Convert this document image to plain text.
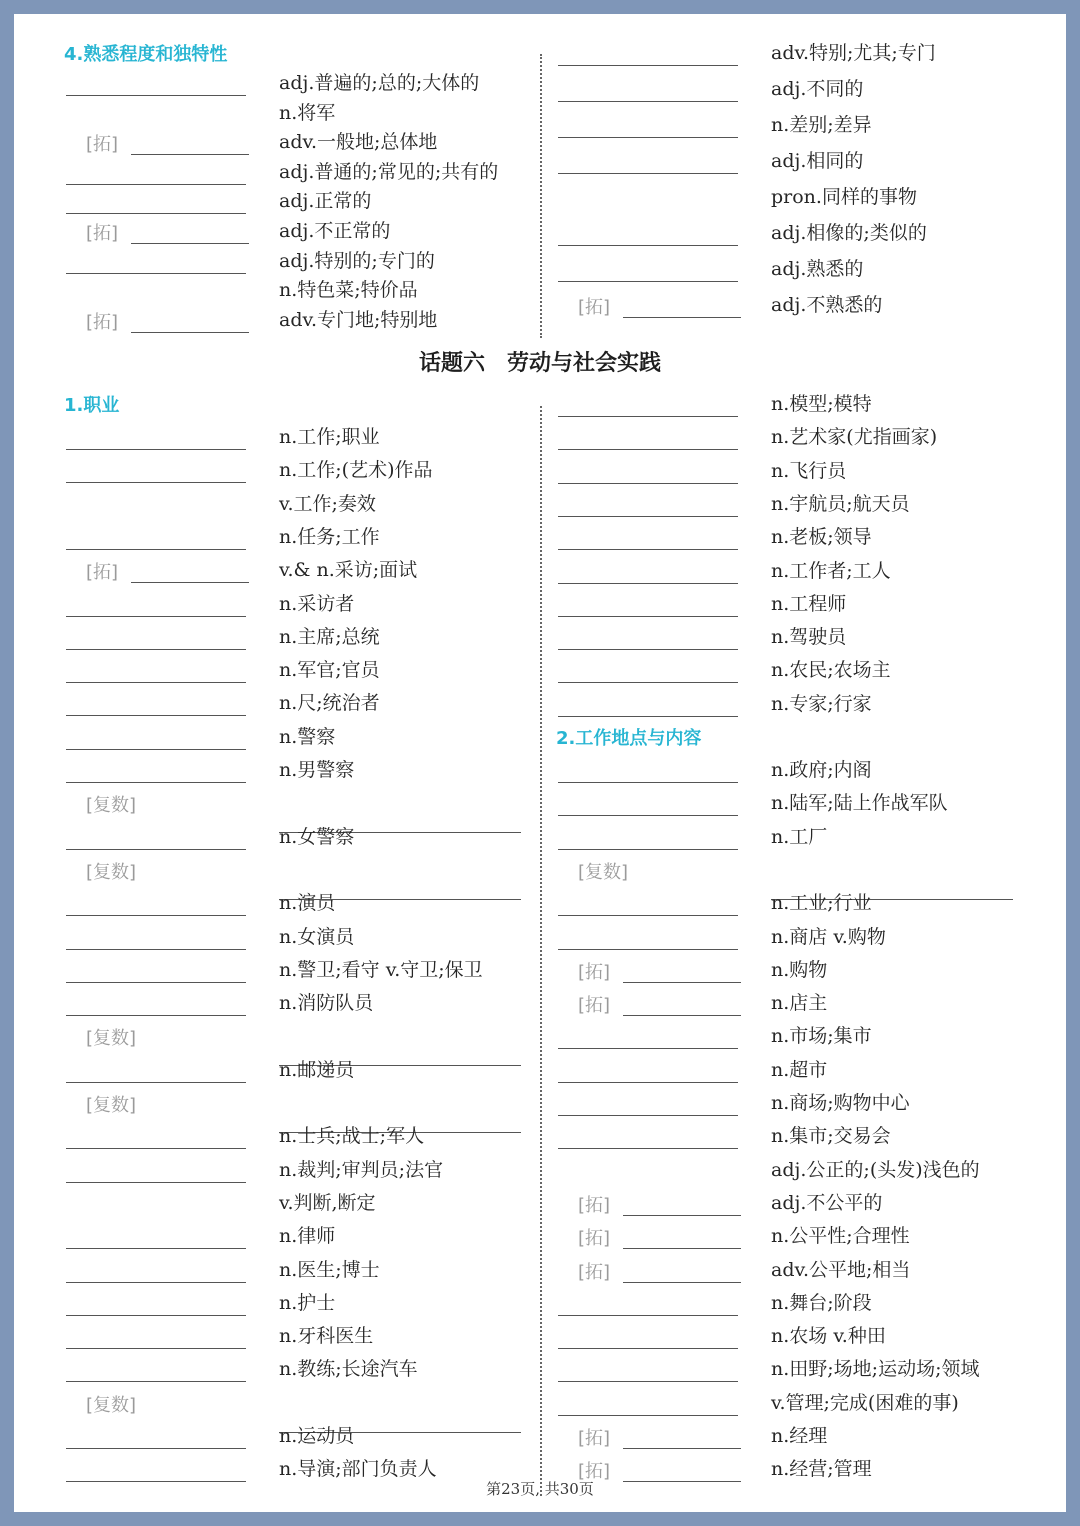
4.熟悉程度和独特性
话题六　劳动与社会实践
1.职业
2.工作地点与内容
adj.普遍的;总的;大体的
n.将军
[拓]	adv.一般地;总体地
adj.普通的;常见的;共有的
adj.正常的
[拓]	adj.不正常的
adj.特别的;专门的
n.特色菜;特价品
[拓]	adv.专门地;特别地
adv.特别;尤其;专门
adj.不同的
n.差别;差异
adj.相同的
pron.同样的事物
adj.相像的;类似的
adj.熟悉的
[拓]	adj.不熟悉的
n.工作;职业
n.工作;(艺术)作品
v.工作;奏效
n.任务;工作
[拓]	v.& n.采访;面试
n.采访者
n.主席;总统
n.军官;官员
n.尺;统治者
n.警察
n.男警察
[复数]
n.女警察
[复数]
n.演员
n.女演员
n.警卫;看守 v.守卫;保卫
n.消防队员
[复数]
n.邮递员
[复数]
n.士兵;战士;军人
n.裁判;审判员;法官
v.判断,断定
n.律师
n.医生;博士
n.护士
n.牙科医生
n.教练;长途汽车
[复数]
n.运动员
n.导演;部门负责人
n.模型;模特
n.艺术家(尤指画家)
n.飞行员
n.宇航员;航天员
n.老板;领导
n.工作者;工人
n.工程师
n.驾驶员
n.农民;农场主
n.专家;行家
n.政府;内阁
n.陆军;陆上作战军队
n.工厂
[复数]
n.工业;行业
n.商店 v.购物
[拓]	n.购物
[拓]	n.店主
n.市场;集市
n.超市
n.商场;购物中心
n.集市;交易会
adj.公正的;(头发)浅色的
[拓]	adj.不公平的
[拓]	n.公平性;合理性
[拓]	adv.公平地;相当
n.舞台;阶段
n.农场 v.种田
n.田野;场地;运动场;领域
v.管理;完成(困难的事)
[拓]	n.经理
[拓]	n.经营;管理
第23页, 共30页
